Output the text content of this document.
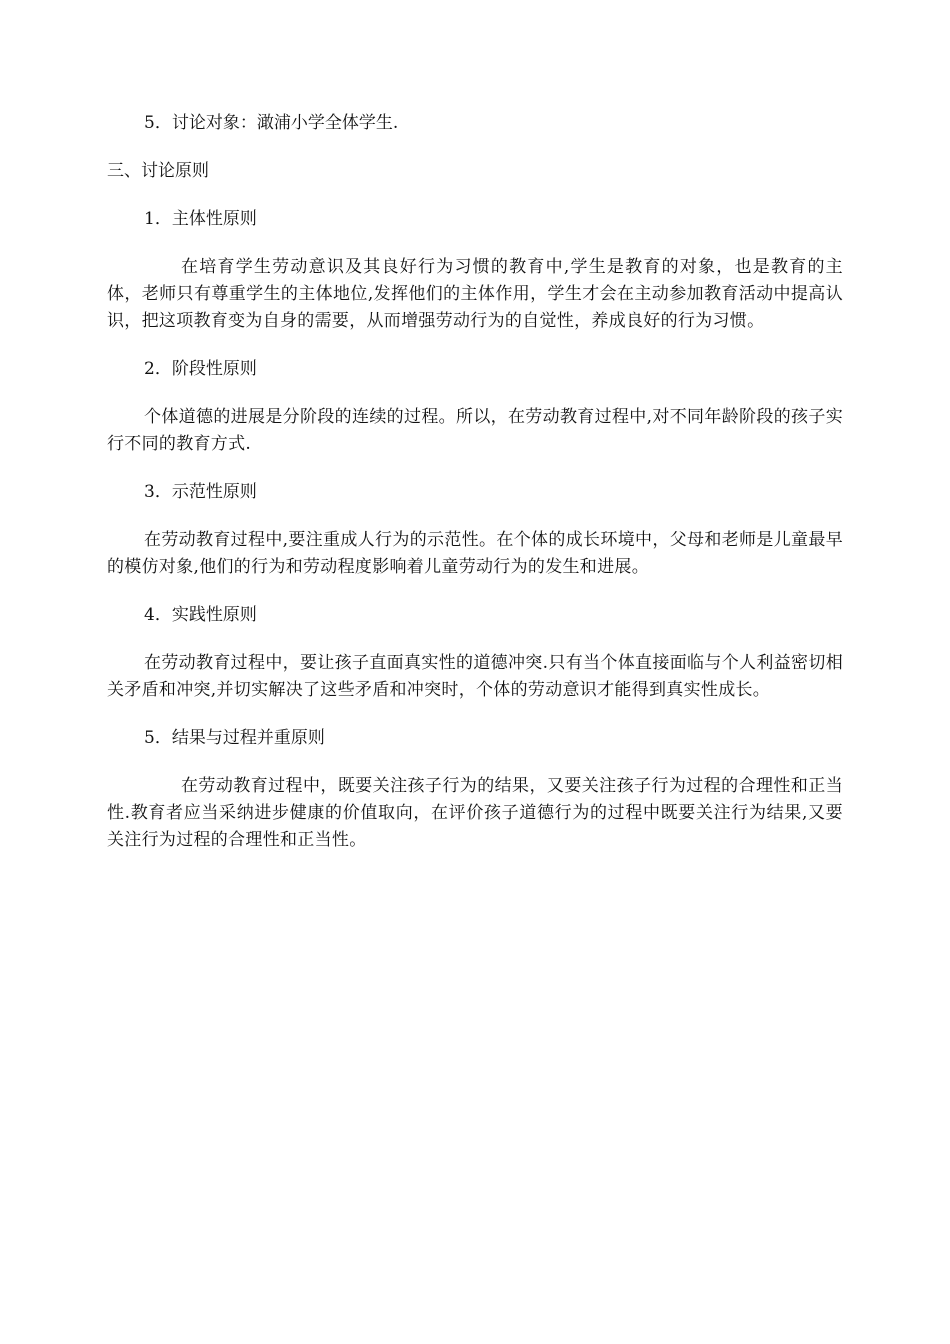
5．讨论对象：澉浦小学全体学生.

三、讨论原则

1．主体性原则

在培育学生劳动意识及其良好行为习惯的教育中,学生是教育的对象，也是教育的主体，老师只有尊重学生的主体地位,发挥他们的主体作用，学生才会在主动参加教育活动中提高认识，把这项教育变为自身的需要，从而增强劳动行为的自觉性，养成良好的行为习惯。

2．阶段性原则

个体道德的进展是分阶段的连续的过程。所以，在劳动教育过程中,对不同年龄阶段的孩子实行不同的教育方式.

3．示范性原则

在劳动教育过程中,要注重成人行为的示范性。在个体的成长环境中，父母和老师是儿童最早的模仿对象,他们的行为和劳动程度影响着儿童劳动行为的发生和进展。

4．实践性原则

在劳动教育过程中，要让孩子直面真实性的道德冲突.只有当个体直接面临与个人利益密切相关矛盾和冲突,并切实解决了这些矛盾和冲突时，个体的劳动意识才能得到真实性成长。

5．结果与过程并重原则

在劳动教育过程中，既要关注孩子行为的结果，又要关注孩子行为过程的合理性和正当性.教育者应当采纳进步健康的价值取向，在评价孩子道德行为的过程中既要关注行为结果,又要关注行为过程的合理性和正当性。
